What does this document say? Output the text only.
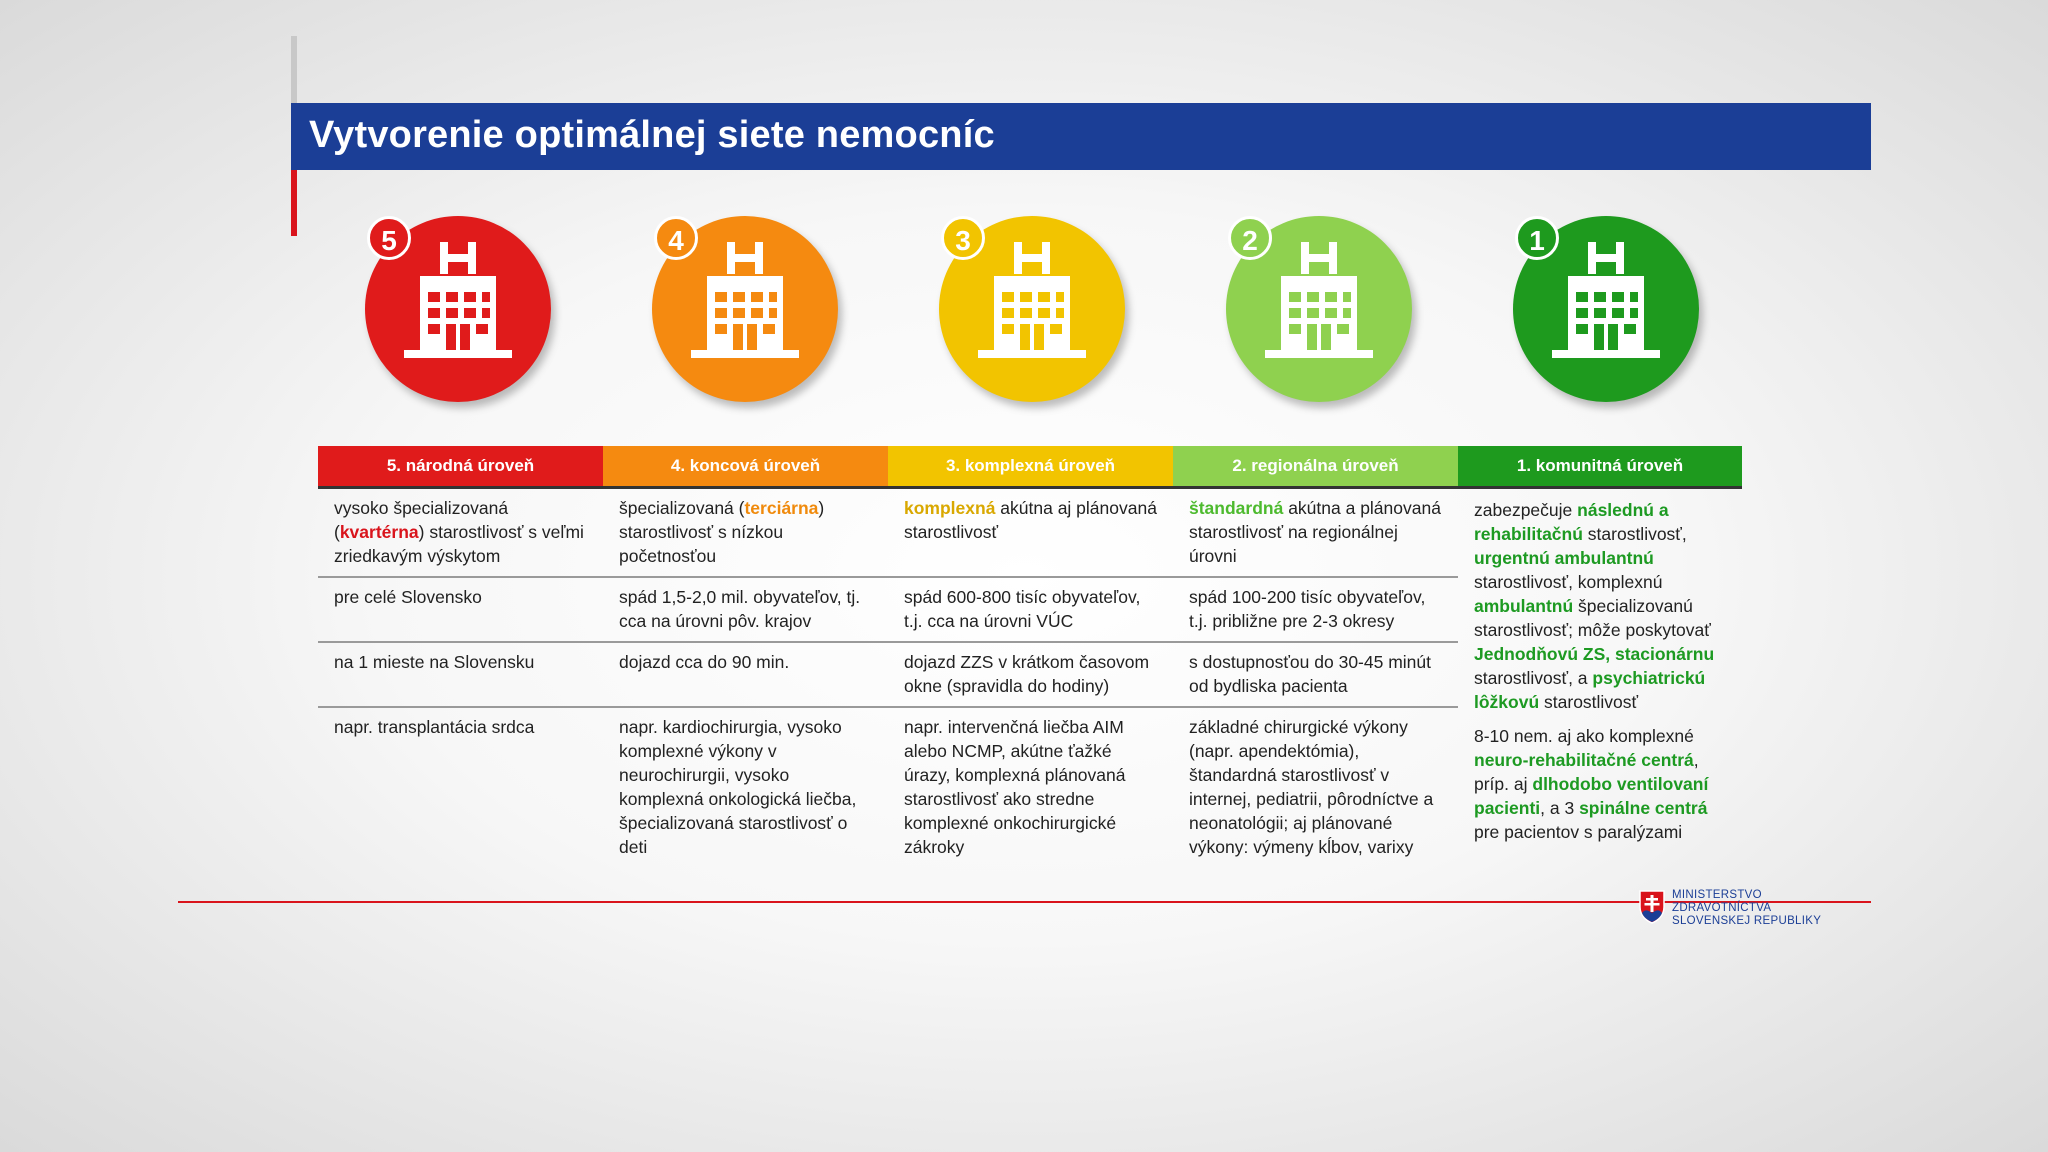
Vytvorenie optimálnej siete nemocníc
5	4	3	2	1
5. národná úroveň	4. koncová úroveň	3. komplexná úroveň	2. regionálna úroveň	1. komunitná úroveň
vysoko špecializovaná (kvartérna) starostlivosť s veľmi zriedkavým výskytom	špecializovaná (terciárna) starostlivosť s nízkou početnosťou	komplexná akútna aj plánovaná starostlivosť	štandardná akútna a plánovaná starostlivosť na regionálnej úrovni	zabezpečuje následnú a rehabilitačnú starostlivosť, urgentnú ambulantnú starostlivosť, komplexnú ambulantnú špecializovanú starostlivosť; môže poskytovať Jednodňovú ZS, stacionárnu starostlivosť, a psychiatrickú lôžkovú starostlivosť
8-10 nem. aj ako komplexné neuro-rehabilitačné centrá, príp. aj dlhodobo ventilovaní pacienti, a 3 spinálne centrá pre pacientov s paralýzami

pre celé Slovensko	spád 1,5-2,0 mil. obyvateľov, tj. cca na úrovni pôv. krajov	spád 600-800 tisíc obyvateľov, t.j. cca na úrovni VÚC	spád 100-200 tisíc obyvateľov, t.j. približne pre 2-3 okresy	
na 1 mieste na Slovensku	dojazd cca do 90 min.	dojazd ZZS v krátkom časovom okne (spravidla do hodiny)	s dostupnosťou do 30-45 minút od bydliska pacienta	
napr. transplantácia srdca	napr. kardiochirurgia, vysoko komplexné výkony v neurochirurgii, vysoko komplexná onkologická liečba, špecializovaná starostlivosť o deti	napr. intervenčná liečba AIM alebo NCMP, akútne ťažké úrazy, komplexná plánovaná starostlivosť ako stredne komplexné onkochirurgické zákroky	základné chirurgické výkony (napr. apendektómia), štandardná starostlivosť v internej, pediatrii, pôrodníctve a neonatológii; aj plánované výkony: výmeny kĺbov, varixy	
MINISTERSTVO
ZDRAVOTNÍCTVA
SLOVENSKEJ REPUBLIKY
